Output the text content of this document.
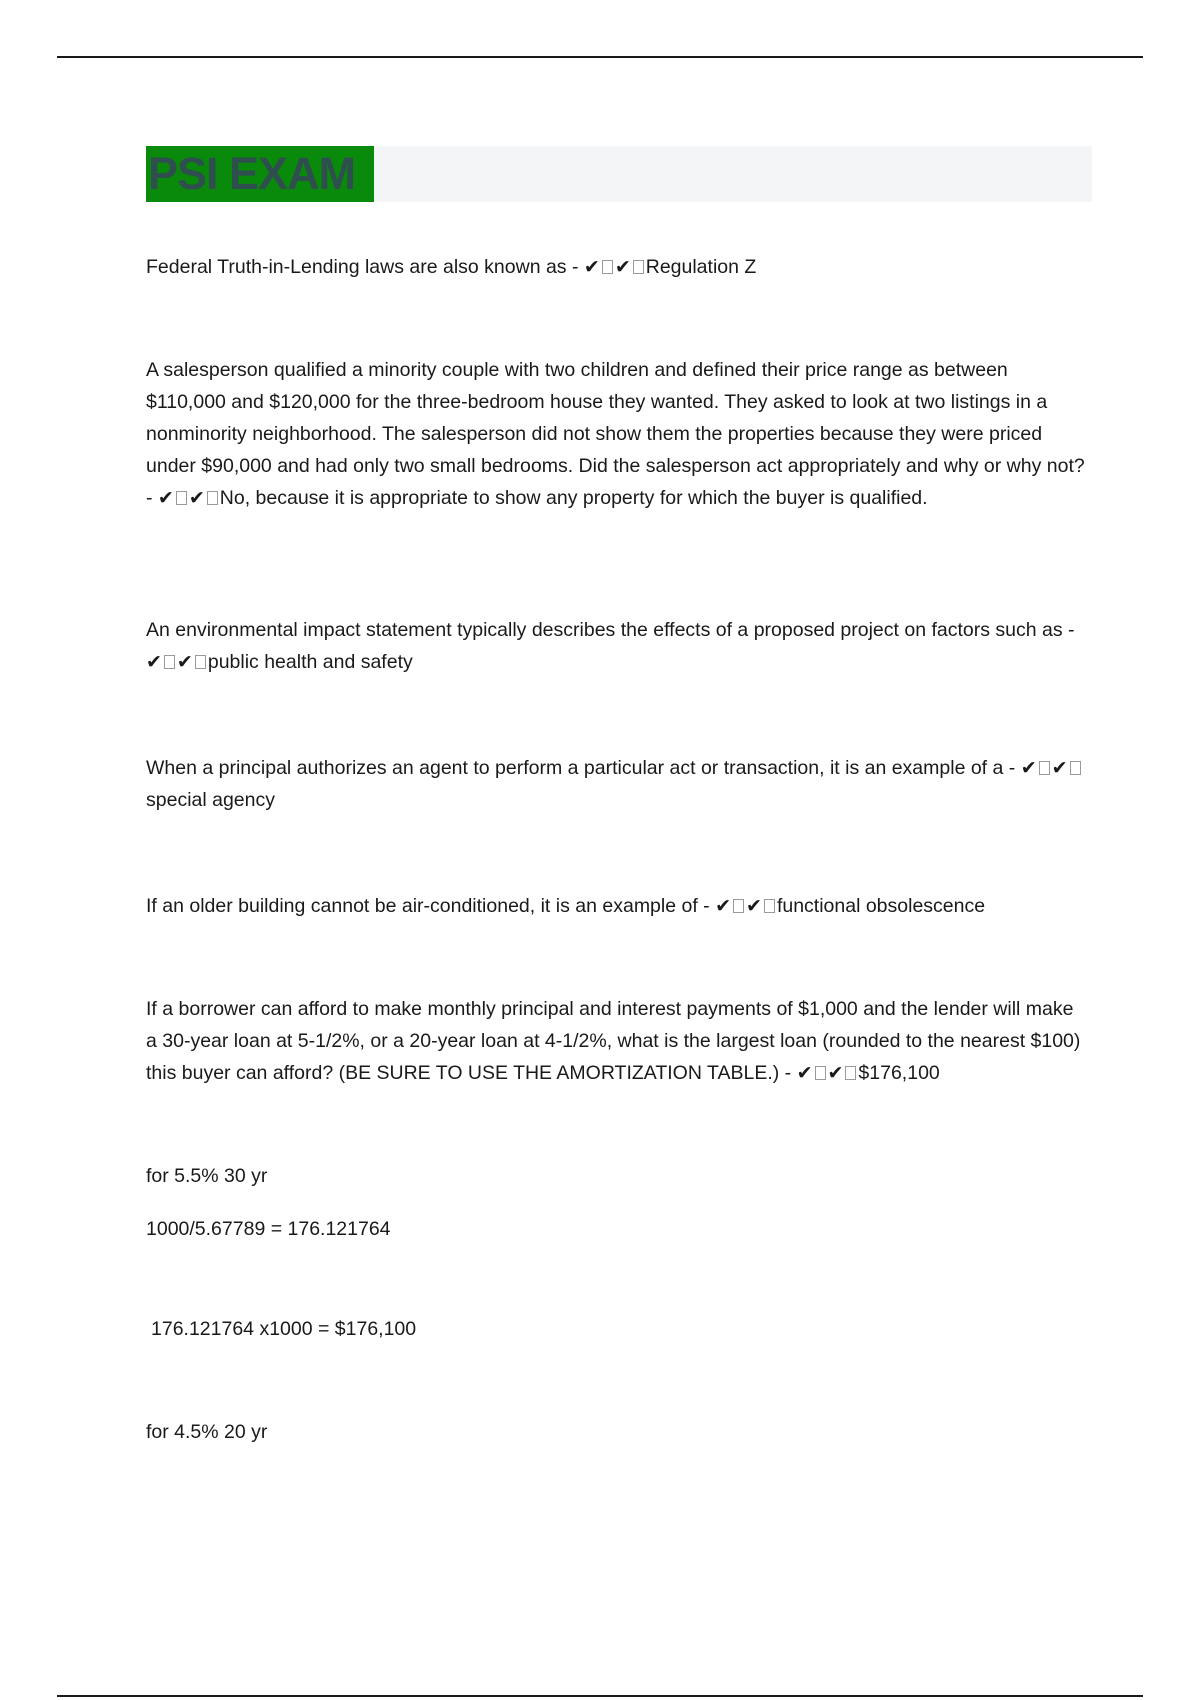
PSI EXAM

Federal Truth-in-Lending laws are also known as - ✔ ✔ Regulation Z

A salesperson qualified a minority couple with two children and defined their price range as between $110,000 and $120,000 for the three-bedroom house they wanted. They asked to look at two listings in a nonminority neighborhood. The salesperson did not show them the properties because they were priced under $90,000 and had only two small bedrooms. Did the salesperson act appropriately and why or why not? - ✔ ✔ No, because it is appropriate to show any property for which the buyer is qualified.

An environmental impact statement typically describes the effects of a proposed project on factors such as - ✔ ✔ public health and safety

When a principal authorizes an agent to perform a particular act or transaction, it is an example of a - ✔ ✔special agency

If an older building cannot be air-conditioned, it is an example of - ✔ ✔ functional obsolescence

If a borrower can afford to make monthly principal and interest payments of $1,000 and the lender will make a 30-year loan at 5-1/2%, or a 20-year loan at 4-1/2%, what is the largest loan (rounded to the nearest $100) this buyer can afford? (BE SURE TO USE THE AMORTIZATION TABLE.) - ✔ ✔ $176,100

for 5.5% 30 yr

1000/5.67789 = 176.121764

176.121764 x1000 = $176,100

for 4.5% 20 yr
